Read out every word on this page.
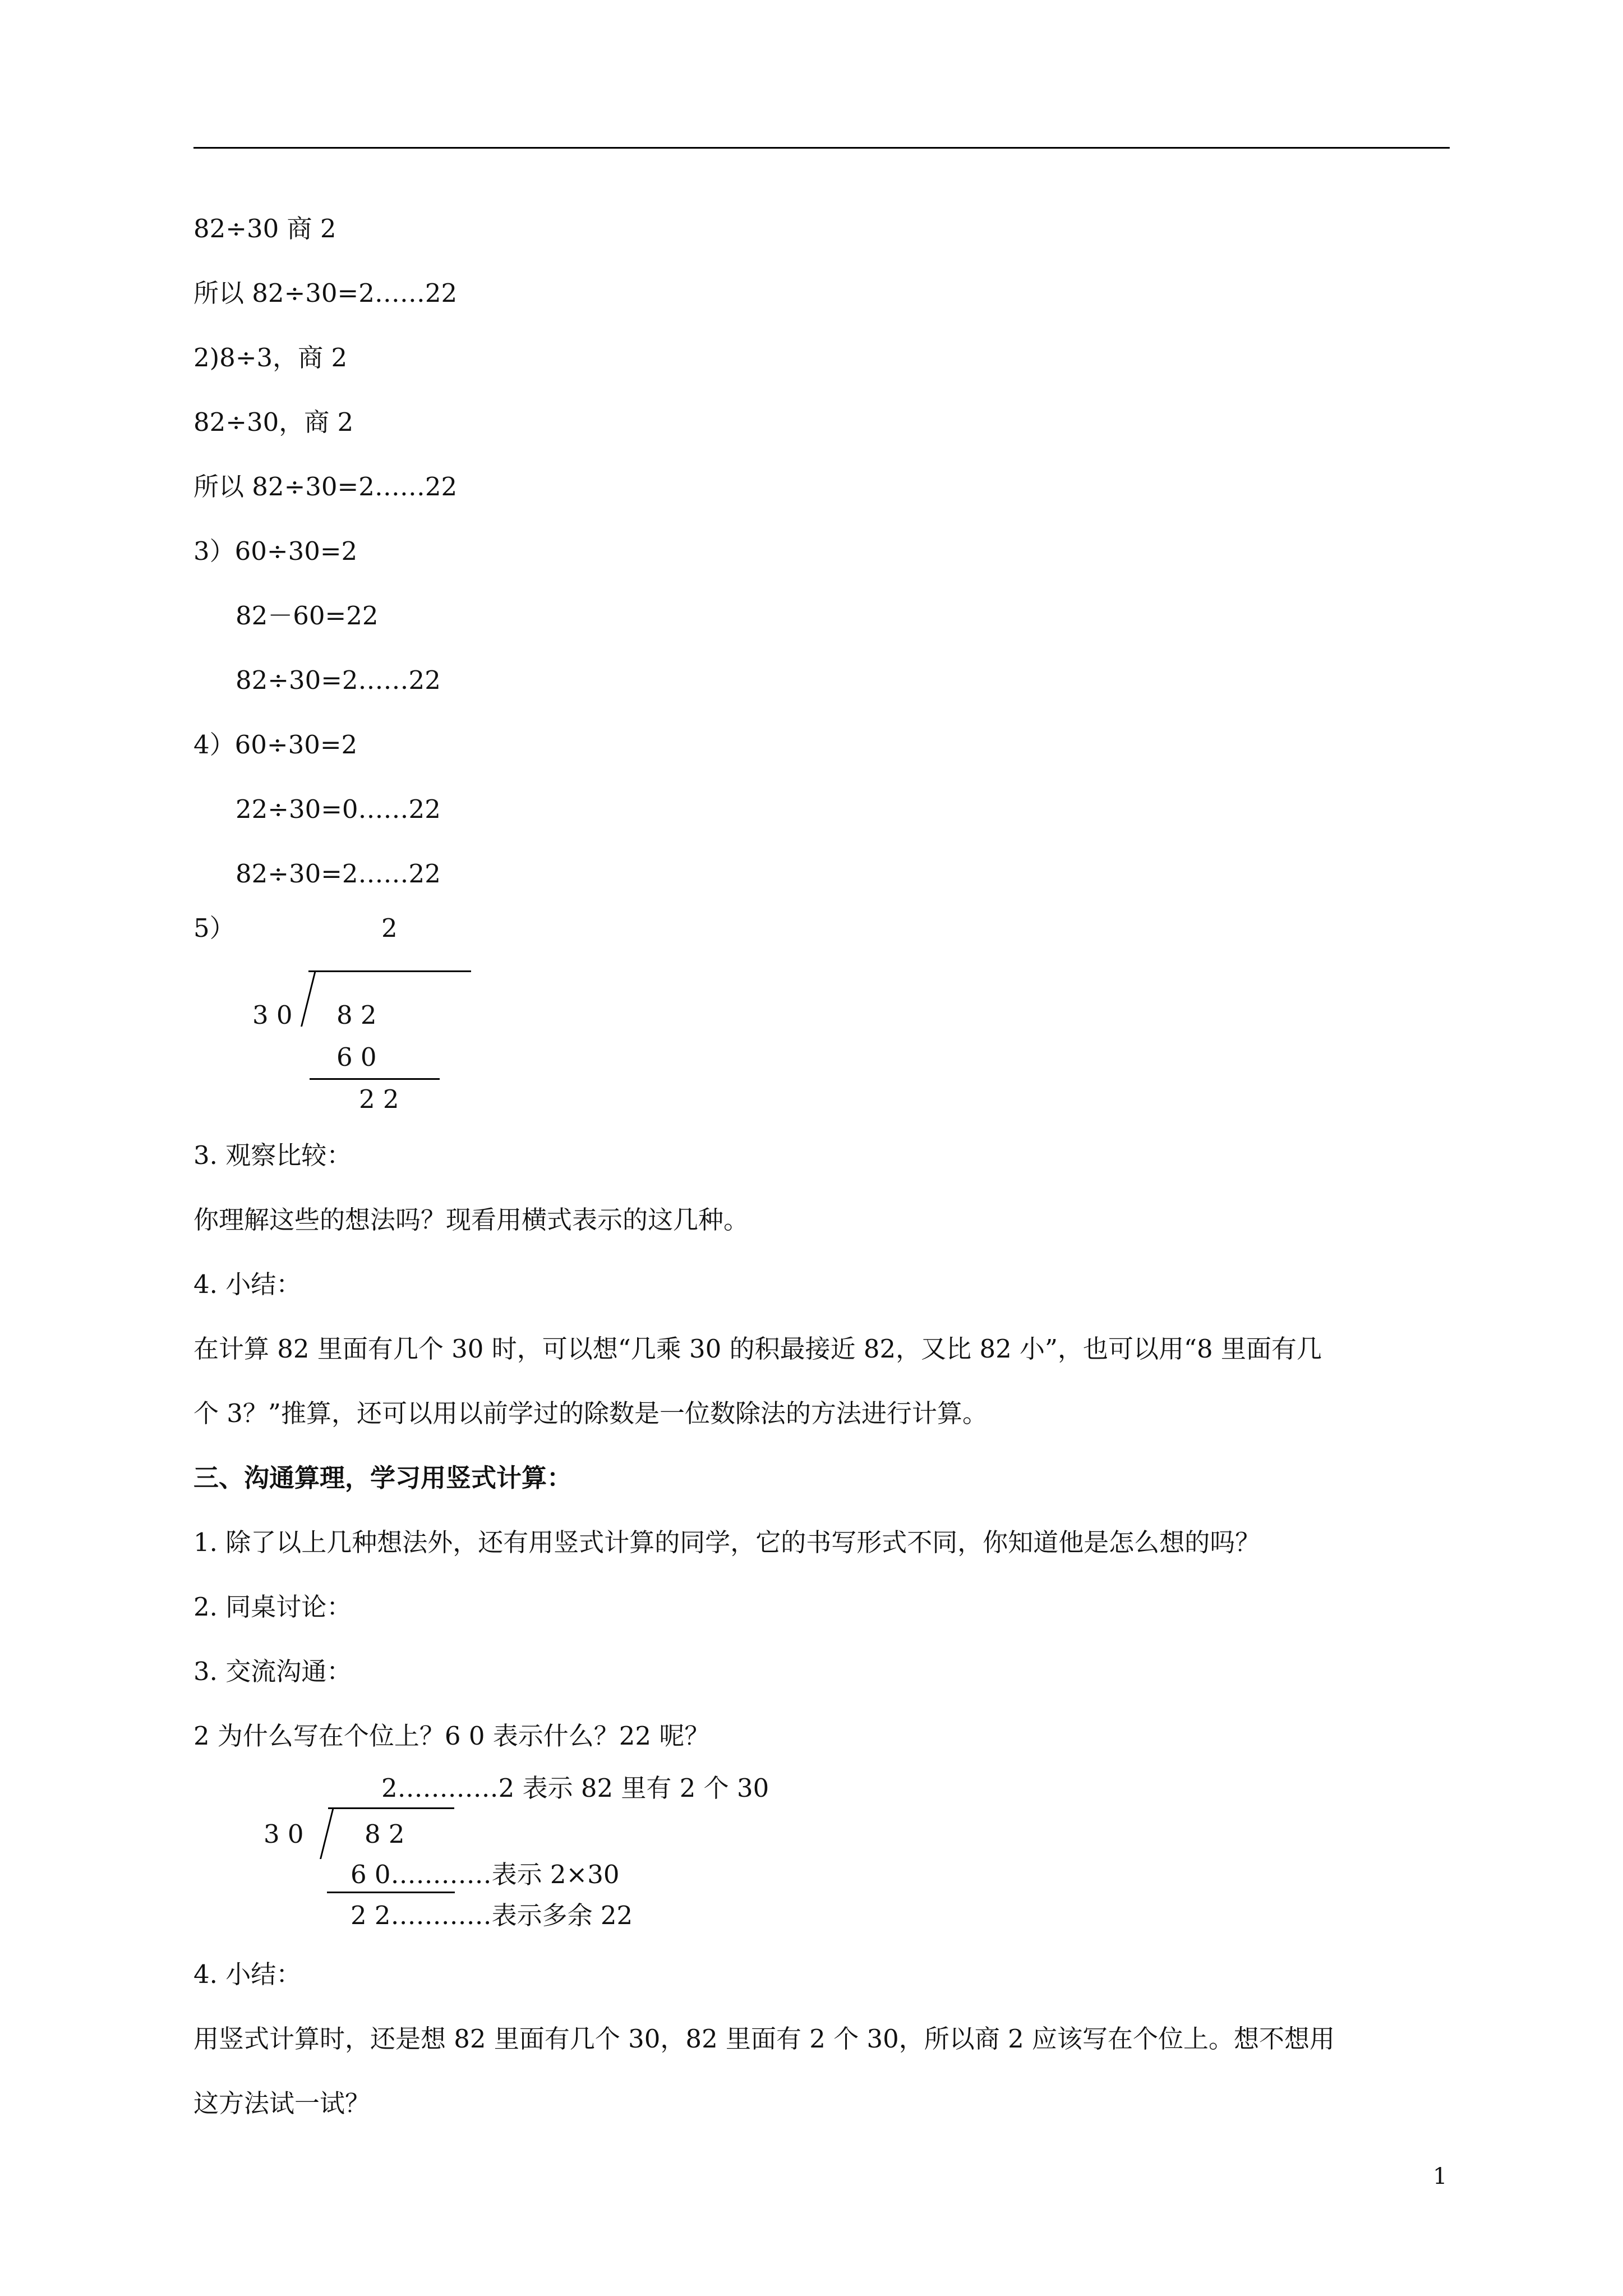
82÷30 商 2
所以 82÷30=2……22
2)8÷3，商 2
82÷30，商 2
所以 82÷30=2……22
3）60÷30=2
82－60=22
82÷30=2……22
4）60÷30=2
22÷30=0……22
82÷30=2……22
5）	2
3 0 8 2
6 0
2 2
3. 观察比较：
你理解这些的想法吗？现看用横式表示的这几种。
4. 小结：
在计算 82 里面有几个 30 时，可以想“几乘 30 的积最接近 82，又比 82 小”，也可以用“8 里面有几
个 3？”推算，还可以用以前学过的除数是一位数除法的方法进行计算。
三、沟通算理，学习用竖式计算：
1. 除了以上几种想法外，还有用竖式计算的同学，它的书写形式不同，你知道他是怎么想的吗？
2. 同桌讨论：
3. 交流沟通：
2 为什么写在个位上？6 0 表示什么？22 呢？
2…………2 表示 82 里有 2 个 30
3 0 8 2
6 0…………表示 2×30
2 2…………表示多余 22
4. 小结：
用竖式计算时，还是想 82 里面有几个 30，82 里面有 2 个 30，所以商 2 应该写在个位上。想不想用
这方法试一试？
1
